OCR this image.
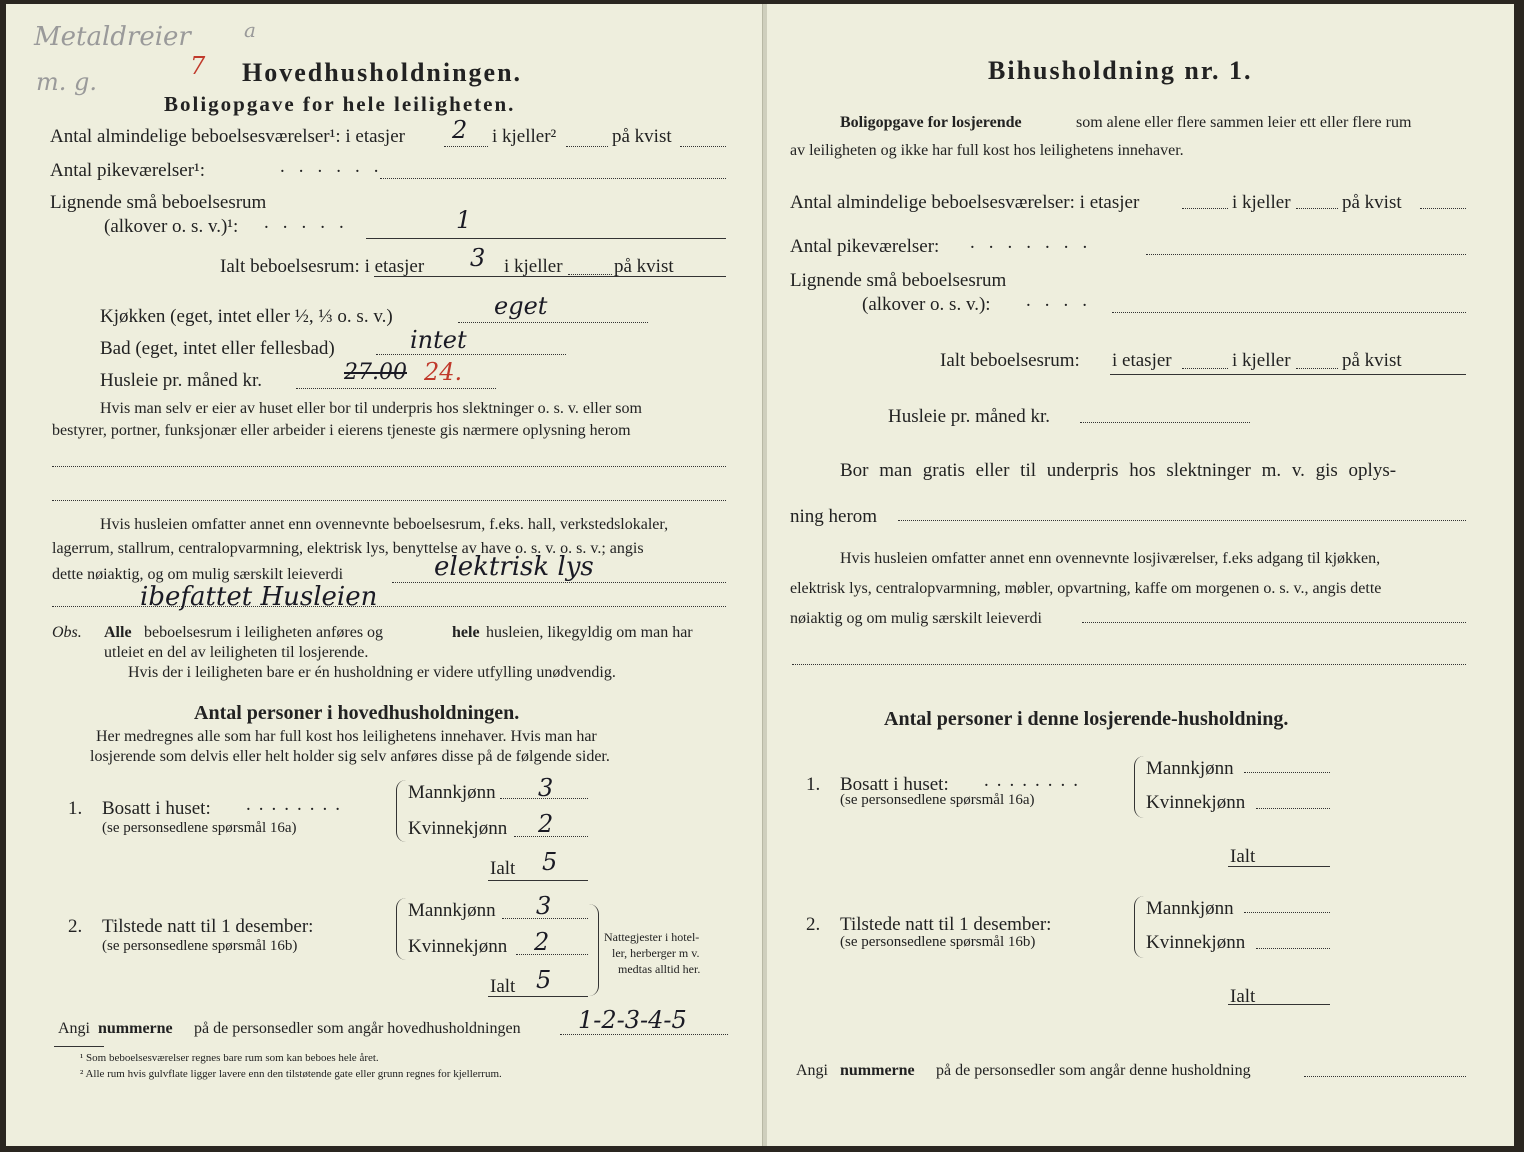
Metaldreier	a
m. g.
7 Hovedhusholdningen.
Boligopgave for hele leiligheten.
Antal almindelige beboelsesværelser¹: i etasjer 2 i kjeller²	på kvist
Antal pikeværelser¹:	......
Lignende små beboelsesrum
(alkover o. s. v.)¹: .....	1
Ialt beboelsesrum: i etasjer 3 i kjeller	på kvist
Kjøkken (eget, intet eller ½, ⅓ o. s. v.)	eget
Bad (eget, intet eller fellesbad)	intet
Husleie pr. måned kr.	27.00 24.
Hvis man selv er eier av huset eller bor til underpris hos slektninger o. s. v. eller som
bestyrer, portner, funksjonær eller arbeider i eierens tjeneste gis nærmere oplysning herom
Hvis husleien omfatter annet enn ovennevnte beboelsesrum, f.eks. hall, verkstedslokaler,
lagerrum, stallrum, centralopvarmning, elektrisk lys, benyttelse av have o. s. v. o. s. v.; angis
dette nøiaktig, og om mulig særskilt leieverdi	elektrisk lys
ibefattet Husleien
Obs. Alle beboelsesrum i leiligheten anføres og	hele husleien, likegyldig om man har
utleiet en del av leiligheten til losjerende.
Hvis der i leiligheten bare er én husholdning er videre utfylling unødvendig.
Antal personer i hovedhusholdningen.
Her medregnes alle som har full kost hos leilighetens innehaver. Hvis man har
losjerende som delvis eller helt holder sig selv anføres disse på de følgende sider.
1. Bosatt i huset: ........
(se personsedlene spørsmål 16a)
Mannkjønn 3
Kvinnekjønn 2
Ialt 5
2. Tilstede natt til 1 desember:
(se personsedlene spørsmål 16b)
Mannkjønn 3
Kvinnekjønn 2
Ialt 5
Nattegjester i hotel-
ler, herberger m v.
medtas alltid her.
Angi nummerne på de personsedler som angår hovedhusholdningen 1-2-3-4-5
¹ Som beboelsesværelser regnes bare rum som kan beboes hele året.
² Alle rum hvis gulvflate ligger lavere enn den tilstøtende gate eller grunn regnes for kjellerrum.
Bihusholdning nr. 1.
Boligopgave for losjerende	som alene eller flere sammen leier ett eller flere rum
av leiligheten og ikke har full kost hos leilighetens innehaver.
Antal almindelige beboelsesværelser: i etasjer	i kjeller	på kvist
Antal pikeværelser: .......
Lignende små beboelsesrum
(alkover o. s. v.): ....
Ialt beboelsesrum: i etasjer	i kjeller	på kvist
Husleie pr. måned kr.
Bor man gratis eller til underpris hos slektninger m. v. gis oplys-
ning herom
Hvis husleien omfatter annet enn ovennevnte losjiværelser, f.eks adgang til kjøkken,
elektrisk lys, centralopvarmning, møbler, opvartning, kaffe om morgenen o. s. v., angis dette
nøiaktig og om mulig særskilt leieverdi
Antal personer i denne losjerende-husholdning.
1. Bosatt i huset: ........
(se personsedlene spørsmål 16a)
Mannkjønn
Kvinnekjønn
Ialt
2. Tilstede natt til 1 desember:
(se personsedlene spørsmål 16b)
Mannkjønn
Kvinnekjønn
Ialt
Angi nummerne på de personsedler som angår denne husholdning
